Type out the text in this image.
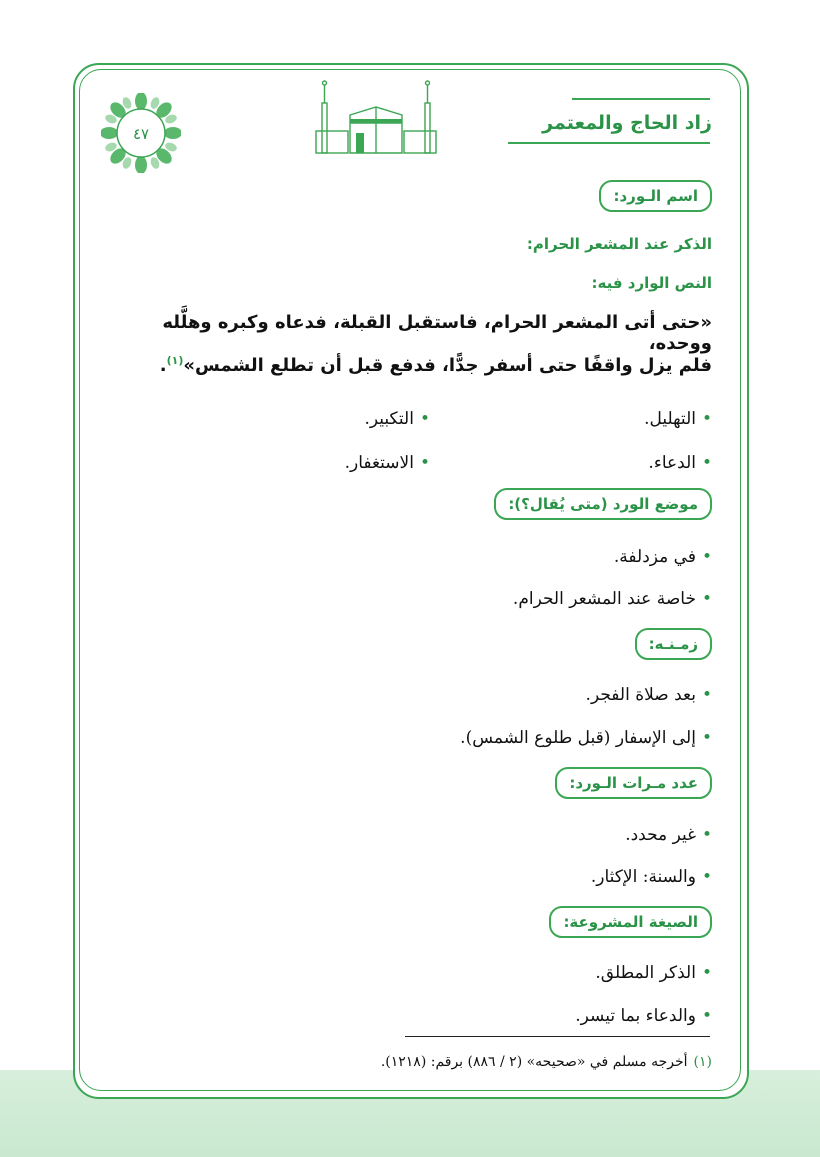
زاد الحاج والمعتمر
٤٧
اسم الـورد:
الذكر عند المشعر الحرام:
النص الوارد فيه:
«حتى أتى المشعر الحرام، فاستقبل القبلة، فدعاه وكبره وهلَّله ووحده،
فلم يزل واقفًا حتى أسفر جدًّا، فدفع قبل أن تطلع الشمس»$^{(١)}$.
•التهليل.
•التكبير.
•الدعاء.
•الاستغفار.
موضع الورد (متى يُقال؟):
•في مزدلفة.
•خاصة عند المشعر الحرام.
زمـنـه:
•بعد صلاة الفجر.
•إلى الإسفار (قبل طلوع الشمس).
عدد مـرات الـورد:
•غير محدد.
•والسنة: الإكثار.
الصيغة المشروعة:
•الذكر المطلق.
•والدعاء بما تيسر.
(١)أخرجه مسلم في «صحيحه» (٢ / ٨٨٦) برقم: (١٢١٨).
